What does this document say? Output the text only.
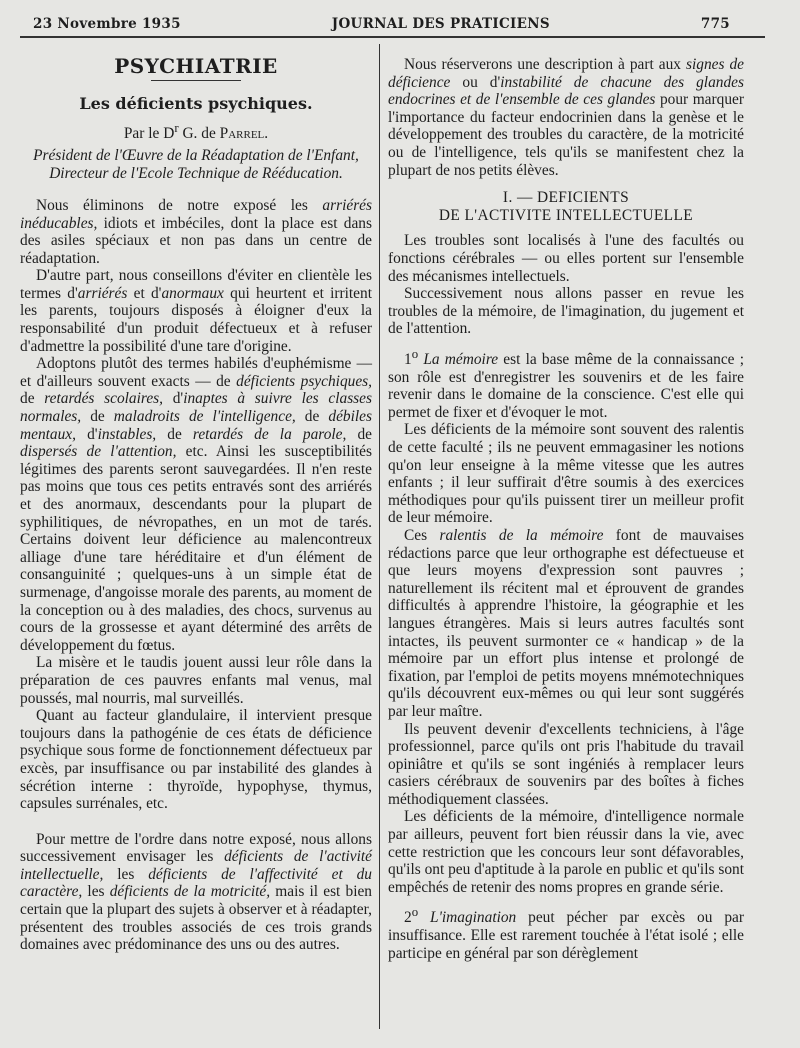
23 Novembre 1935	JOURNAL DES PRATICIENS	775
PSYCHIATRIE
Les déficients psychiques.
Par le $D^r$ G. de Parrel.
Président de l'Œuvre de la Réadaptation de l'Enfant,
Directeur de l'Ecole Technique de Rééducation.

Nous éliminons de notre exposé les arriérés inéducables, idiots et imbéciles, dont la place est dans des asiles spéciaux et non pas dans un centre de réadaptation.

D'autre part, nous conseillons d'éviter en clientèle les termes d'arriérés et d'anormaux qui heurtent et irritent les parents, toujours disposés à éloigner d'eux la responsabilité d'un produit défectueux et à refuser d'admettre la possibilité d'une tare d'origine.

Adoptons plutôt des termes habilés d'euphémisme — et d'ailleurs souvent exacts — de déficients psychiques, de retardés scolaires, d'inaptes à suivre les classes normales, de maladroits de l'intelligence, de débiles mentaux, d'instables, de retardés de la parole, de dispersés de l'attention, etc. Ainsi les susceptibilités légitimes des parents seront sauvegardées. Il n'en reste pas moins que tous ces petits entravés sont des arriérés et des anormaux, descendants pour la plupart de syphilitiques, de névropathes, en un mot de tarés. Certains doivent leur déficience au malencontreux alliage d'une tare héréditaire et d'un élément de consanguinité ; quelques-uns à un simple état de surmenage, d'angoisse morale des parents, au moment de la conception ou à des maladies, des chocs, survenus au cours de la grossesse et ayant déterminé des arrêts de développement du fœtus.

La misère et le taudis jouent aussi leur rôle dans la préparation de ces pauvres enfants mal venus, mal poussés, mal nourris, mal surveillés.

Quant au facteur glandulaire, il intervient presque toujours dans la pathogénie de ces états de déficience psychique sous forme de fonctionnement défectueux par excès, par insuffisance ou par instabilité des glandes à sécrétion interne : thyroïde, hypophyse, thymus, capsules surrénales, etc.

Pour mettre de l'ordre dans notre exposé, nous allons successivement envisager les déficients de l'activité intellectuelle, les déficients de l'affectivité et du caractère, les déficients de la motricité, mais il est bien certain que la plupart des sujets à observer et à réadapter, présentent des troubles associés de ces trois grands domaines avec prédominance des uns ou des autres.

Nous réserverons une description à part aux signes de déficience ou d'instabilité de chacune des glandes endocrines et de l'ensemble de ces glandes pour marquer l'importance du facteur endocrinien dans la genèse et le développement des troubles du caractère, de la motricité ou de l'intelligence, tels qu'ils se manifestent chez la plupart de nos petits élèves.

I. — DEFICIENTS
DE L'ACTIVITE INTELLECTUELLE

Les troubles sont localisés à l'une des facultés ou fonctions cérébrales — ou elles portent sur l'ensemble des mécanismes intellectuels.

Successivement nous allons passer en revue les troubles de la mémoire, de l'imagination, du jugement et de l'attention.

1$^o$ La mémoire est la base même de la connaissance ; son rôle est d'enregistrer les souvenirs et de les faire revenir dans le domaine de la conscience. C'est elle qui permet de fixer et d'évoquer le mot.

Les déficients de la mémoire sont souvent des ralentis de cette faculté ; ils ne peuvent emmagasiner les notions qu'on leur enseigne à la même vitesse que les autres enfants ; il leur suffirait d'être soumis à des exercices méthodiques pour qu'ils puissent tirer un meilleur profit de leur mémoire.

Ces ralentis de la mémoire font de mauvaises rédactions parce que leur orthographe est défectueuse et que leurs moyens d'expression sont pauvres ; naturellement ils récitent mal et éprouvent de grandes difficultés à apprendre l'histoire, la géographie et les langues étrangères. Mais si leurs autres facultés sont intactes, ils peuvent surmonter ce « handicap » de la mémoire par un effort plus intense et prolongé de fixation, par l'emploi de petits moyens mnémotechniques qu'ils découvrent eux-mêmes ou qui leur sont suggérés par leur maître.

Ils peuvent devenir d'excellents techniciens, à l'âge professionnel, parce qu'ils ont pris l'habitude du travail opiniâtre et qu'ils se sont ingéniés à remplacer leurs casiers cérébraux de souvenirs par des boîtes à fiches méthodiquement classées.

Les déficients de la mémoire, d'intelligence normale par ailleurs, peuvent fort bien réussir dans la vie, avec cette restriction que les concours leur sont défavorables, qu'ils ont peu d'aptitude à la parole en public et qu'ils sont empêchés de retenir des noms propres en grande série.

2$^o$ L'imagination peut pécher par excès ou par insuffisance. Elle est rarement touchée à l'état isolé ; elle participe en général par son dérèglement
